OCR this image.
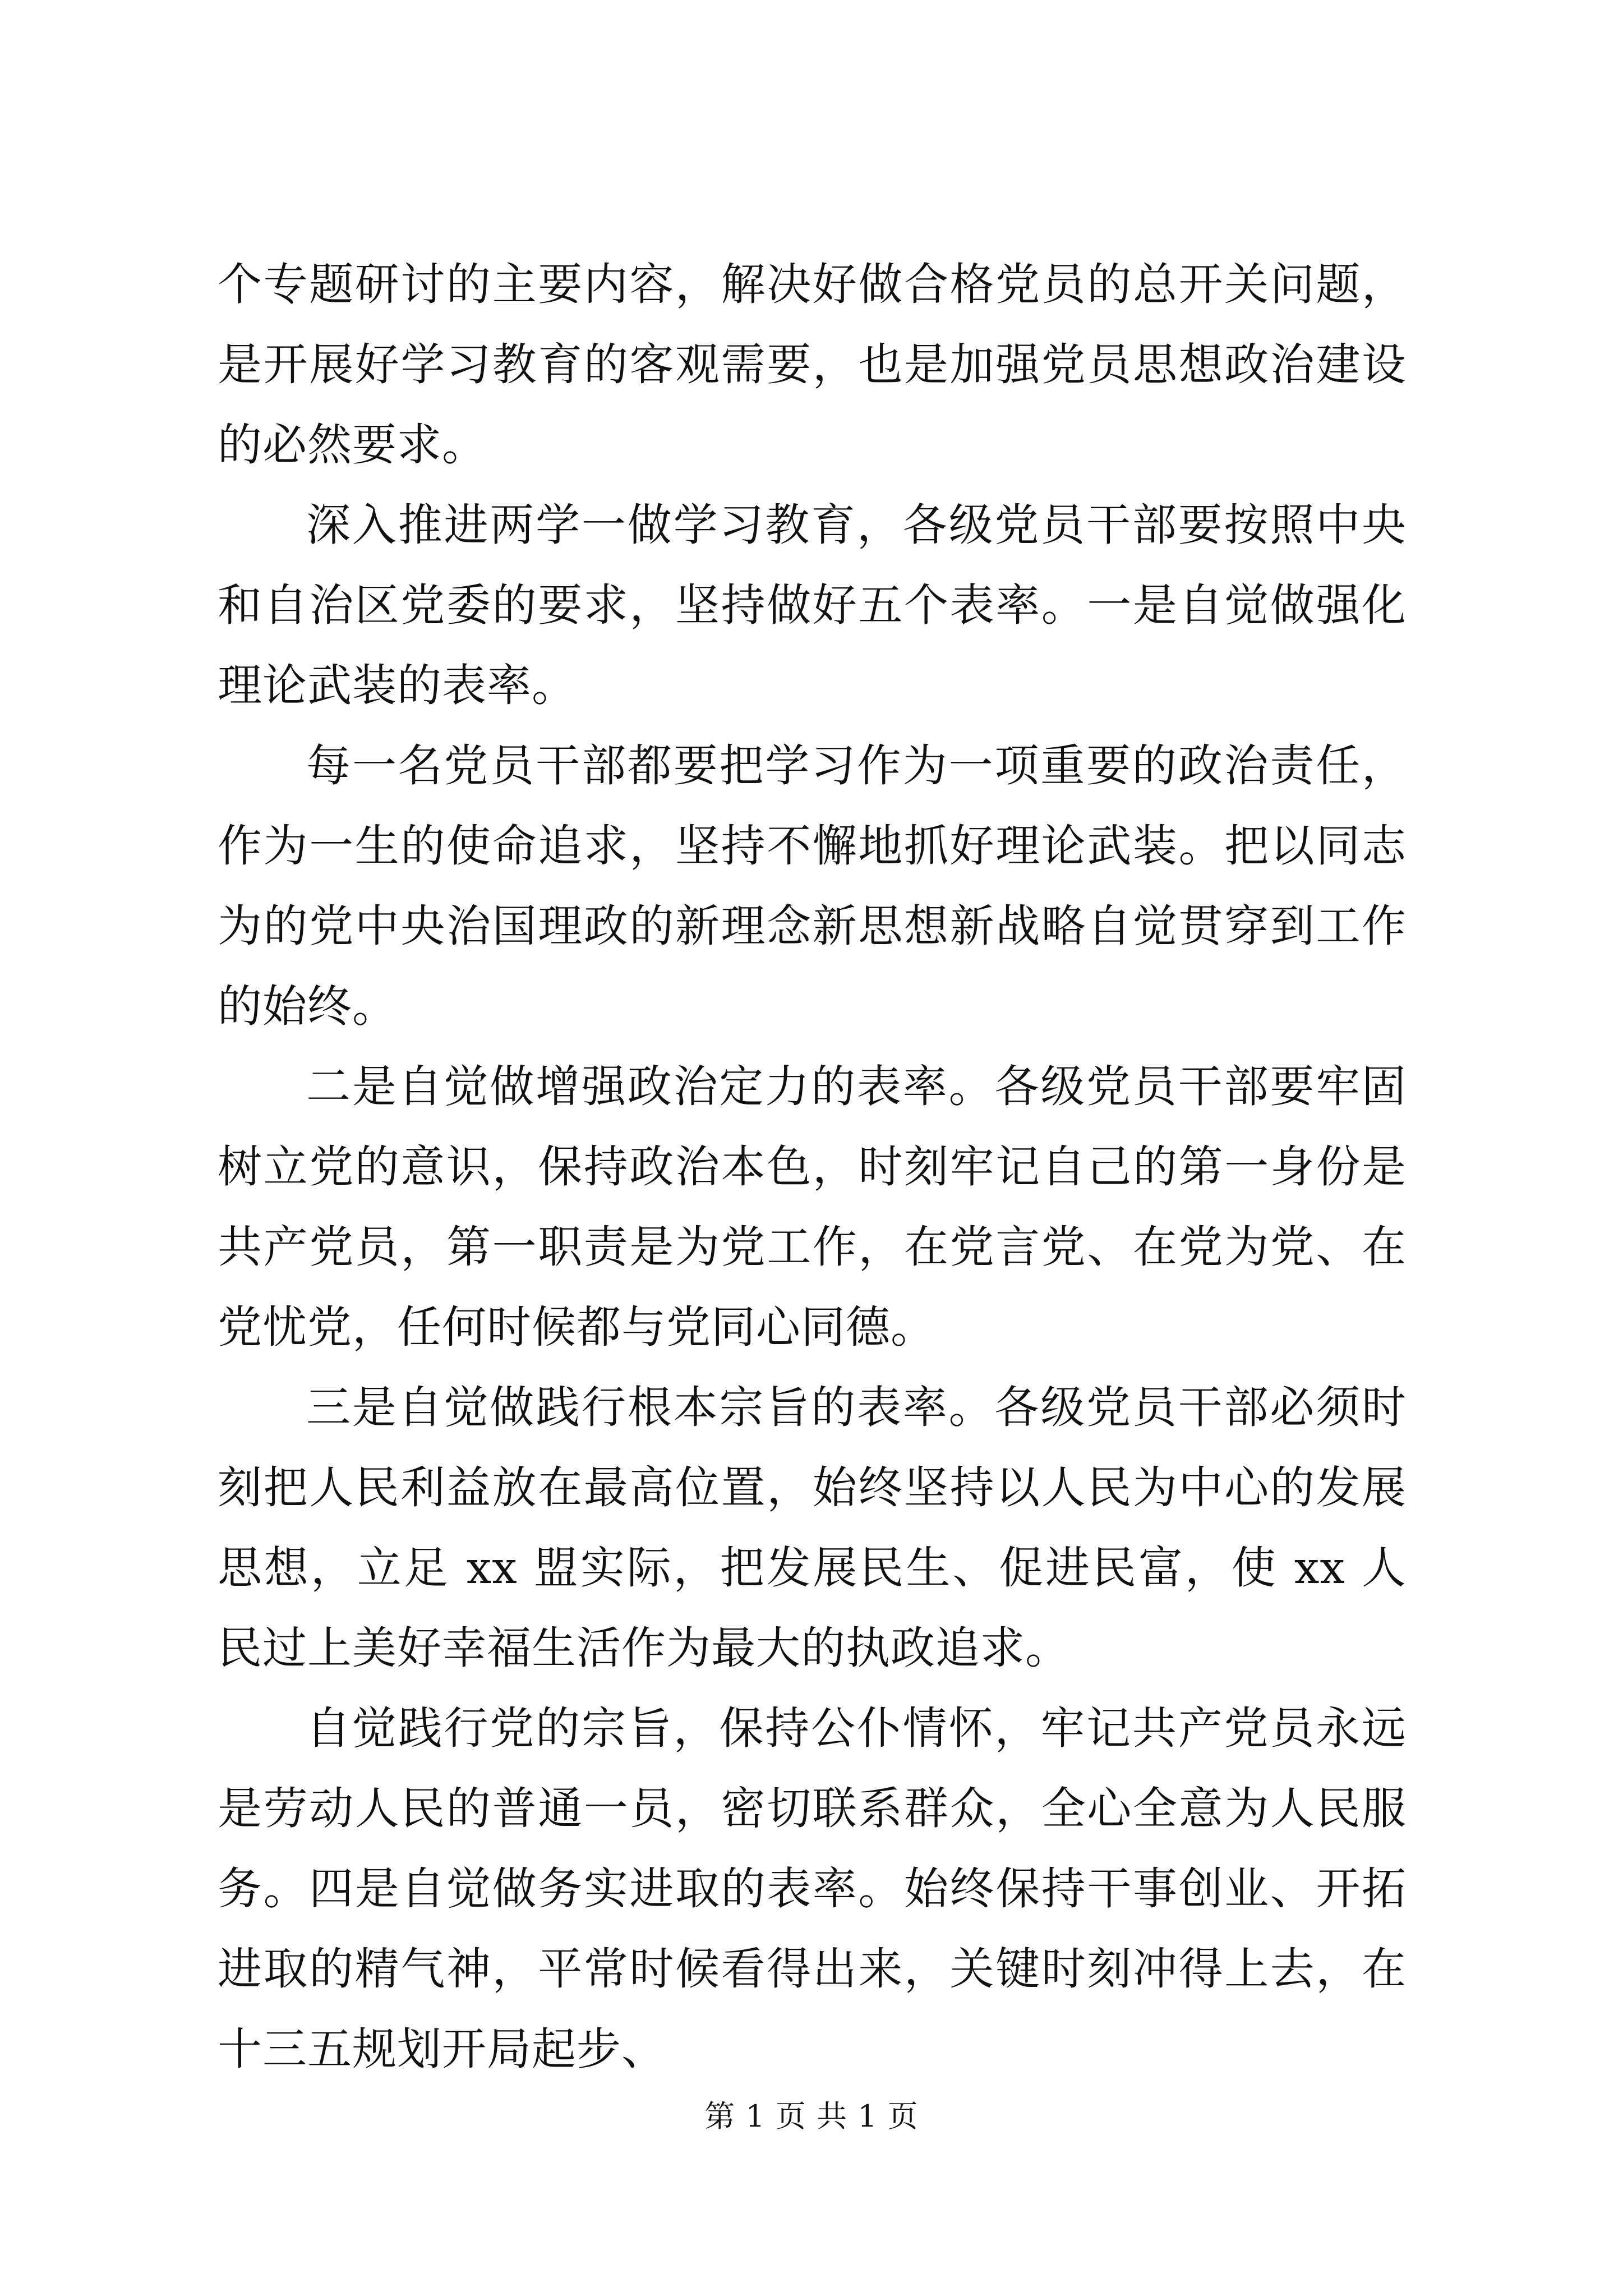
个专题研讨的主要内容，解决好做合格党员的总开关问题，是开展好学习教育的客观需要，也是加强党员思想政治建设的必然要求。

深入推进两学一做学习教育，各级党员干部要按照中央和自治区党委的要求，坚持做好五个表率。一是自觉做强化理论武装的表率。

每一名党员干部都要把学习作为一项重要的政治责任，作为一生的使命追求，坚持不懈地抓好理论武装。把以同志为的党中央治国理政的新理念新思想新战略自觉贯穿到工作的始终。

二是自觉做增强政治定力的表率。各级党员干部要牢固树立党的意识，保持政治本色，时刻牢记自己的第一身份是共产党员，第一职责是为党工作，在党言党、在党为党、在党忧党，任何时候都与党同心同德。

三是自觉做践行根本宗旨的表率。各级党员干部必须时刻把人民利益放在最高位置，始终坚持以人民为中心的发展思想，立足 xx 盟实际，把发展民生、促进民富，使 xx 人民过上美好幸福生活作为最大的执政追求。

自觉践行党的宗旨，保持公仆情怀，牢记共产党员永远是劳动人民的普通一员，密切联系群众，全心全意为人民服务。四是自觉做务实进取的表率。始终保持干事创业、开拓进取的精气神，平常时候看得出来，关键时刻冲得上去，在十三五规划开局起步、

第 1 页 共 1 页
